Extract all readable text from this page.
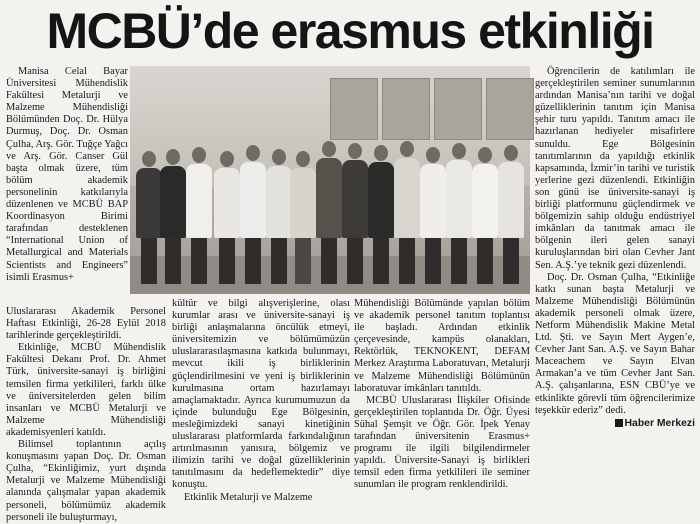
MCBÜ’de erasmus etkinliği

Manisa Celal Bayar Üniversitesi Mühendislik Fakültesi Metalurji ve Malzeme Mühendisliği Bölümünden Doç. Dr. Hülya Durmuş, Doç. Dr. Osman Çulha, Arş. Gör. Tuğçe Yağcı ve Arş. Gör. Canser Gül başta olmak üzere, tüm bölüm akademik personelinin katkılarıyla düzenlenen ve MCBÜ BAP Koordinasyon Birimi tarafından desteklenen “International Union of Metallurgical and Materials Scientists and Engineers” isimli Erasmus+

Uluslararası Akademik Personel Haftası Etkinliği, 26-28 Eylül 2018 tarihlerinde gerçekleştirildi.

Etkinliğe, MCBÜ Mühendislik Fakültesi Dekanı Prof. Dr. Ahmet Türk, üniversite-sanayi iş birliğini temsilen firma yetkilileri, farklı ülke ve üniversitelerden gelen bilim insanları ve MCBÜ Metalurji ve Malzeme Mühendisliği akademisyenleri katıldı.

Bilimsel toplantının açılış konuşmasını yapan Doç. Dr. Osman Çulha, “Ekinliğimiz, yurt dışında Metalurji ve Malzeme Mühendisliği alanında çalışmalar yapan akademik personeli, bölümümüz akademik personeli ile buluşturmayı,

kültür ve bilgi alışverişlerine, olası kurumlar arası ve üniversite-sanayi iş birliği anlaşmalarına öncülük etmeyi, üniversitemizin ve bölümümüzün uluslararasılaşmasına katkıda bulunmayı, mevcut ikili iş birliklerinin güçlendirilmesini ve yeni iş birliklerinin kurulmasına ortam hazırlamayı amaçlamaktadır. Ayrıca kurumumuzun da içinde bulunduğu Ege Bölgesinin, mesleğimizdeki sanayi kinetiğinin uluslararası platformlarda farkındalığının artırılmasının yanısıra, bölgemiz ve ilimizin tarihi ve doğal güzelliklerinin tanıtılmasını da hedeflemektedir” diye konuştu.

Etkinlik Metalurji ve Malzeme

Mühendisliği Bölümünde yapılan bölüm ve akademik personel tanıtım toplantısı ile başladı. Ardından etkinlik çerçevesinde, kampüs olanakları, Rektörlük, TEKNOKENT, DEFAM Merkez Araştırma Laboratuvarı, Metalurji ve Malzeme Mühendisliği Bölümünün laboratuvar imkânları tanıtıldı.

MCBÜ Uluslararası İlişkiler Ofisinde gerçekleştirilen toplantıda Dr. Öğr. Üyesi Sühal Şemşit ve Öğr. Gör. İpek Yenay tarafından üniversitenin Erasmus+ programı ile ilgili bilgilendirmeler yapıldı. Üniversite-Sanayi iş birlikleri temsil eden firma yetkilileri ile seminer sunumları ile program renklendirildi.

Öğrencilerin de katılımları ile gerçekleştirilen seminer sunumlarının ardından Manisa’nın tarihi ve doğal güzelliklerinin tanıtım için Manisa şehir turu yapıldı. Tanıtım amacı ile hazırlanan hediyeler misafirlere sunuldu. Ege Bölgesinin tanıtımlarının da yapıldığı etkinlik kapsamında, İzmir’in tarihi ve turistik yerlerine gezi düzenlendi. Etkinliğin son günü ise üniversite-sanayi iş birliği platformunu güçlendirmek ve bölgemizin sahip olduğu endüstriyel imkânları da tanıtmak amacı ile bölgenin ileri gelen sanayi kuruluşlarından biri olan Cevher Jant Sen. A.Ş.’ye teknik gezi düzenlendi.

Doç. Dr. Osman Çulha, “Etkinliğe katkı sunan başta Metalurji ve Malzeme Mühendisliği Bölümünün akademik personeli olmak üzere, Netform Mühendislik Makine Metal Ltd. Şti. ve Sayın Mert Aygen’e, Cevher Jant San. A.Ş. ve Sayın Bahar Maceachem ve Sayın Elvan Armakan’a ve tüm Cevher Jant San. A.Ş. çalışanlarına, ESN CBÜ’ye ve etkinlikte görevli tüm öğrencilerimize teşekkür ederiz” dedi.

Haber Merkezi
